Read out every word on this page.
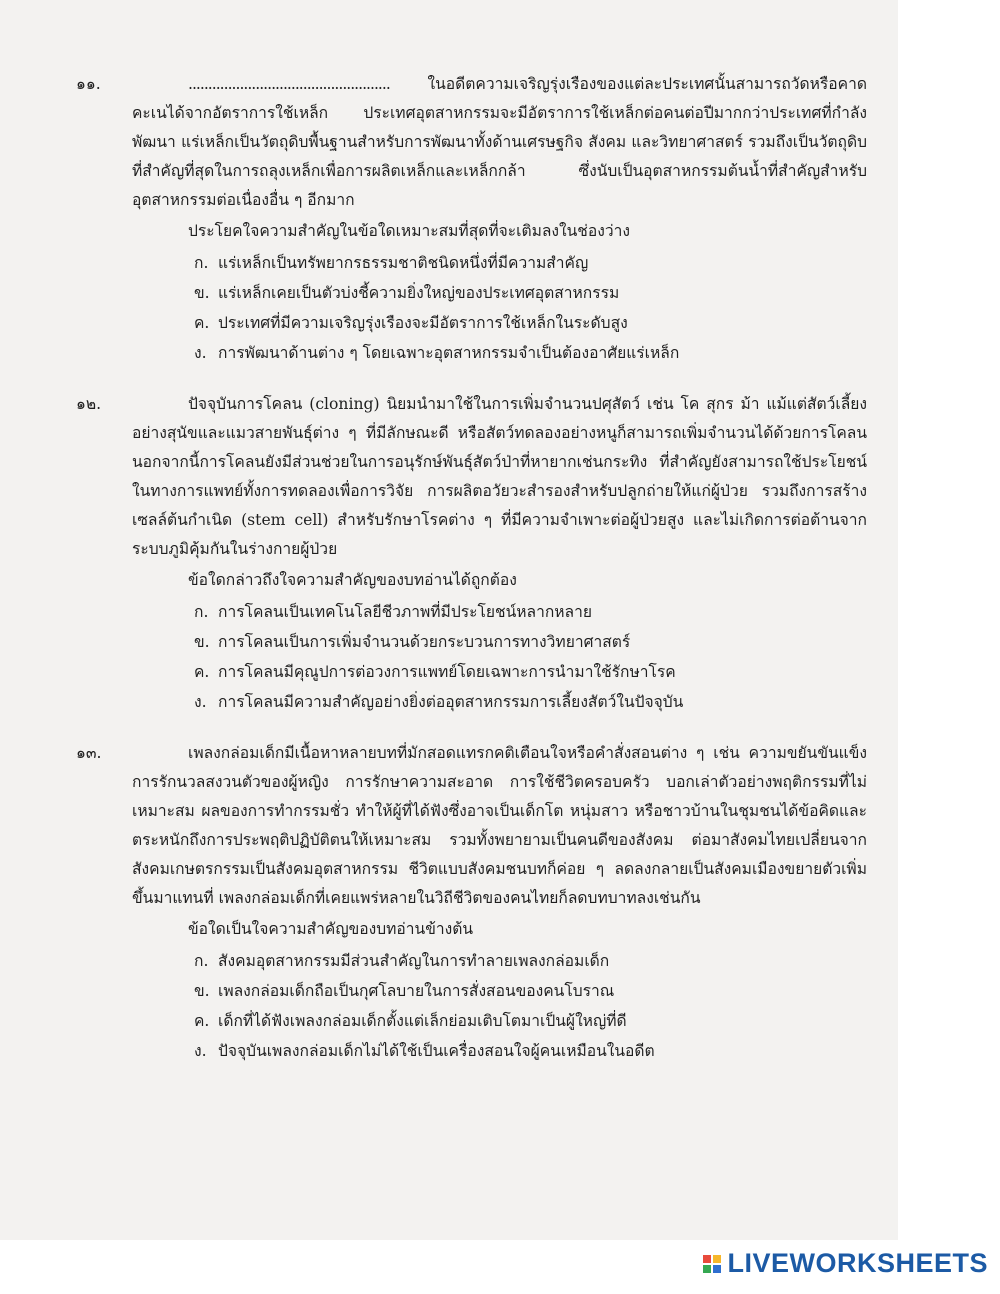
๑๑.	................................................... ในอดีตความเจริญรุ่งเรืองของแต่ละประเทศนั้นสามารถวัดหรือคาดคะเนได้จากอัตราการใช้เหล็ก ประเทศอุตสาหกรรมจะมีอัตราการใช้เหล็กต่อคนต่อปีมากกว่าประเทศที่กำลังพัฒนา แร่เหล็กเป็นวัตถุดิบพื้นฐานสำหรับการพัฒนาทั้งด้านเศรษฐกิจ สังคม และวิทยาศาสตร์ รวมถึงเป็นวัตถุดิบที่สำคัญที่สุดในการถลุงเหล็กเพื่อการผลิตเหล็กและเหล็กกล้า ซึ่งนับเป็นอุตสาหกรรมต้นน้ำที่สำคัญสำหรับอุตสาหกรรมต่อเนื่องอื่น ๆ อีกมาก

ประโยคใจความสำคัญในข้อใดเหมาะสมที่สุดที่จะเติมลงในช่องว่าง
ก. แร่เหล็กเป็นทรัพยากรธรรมชาติชนิดหนึ่งที่มีความสำคัญ
ข. แร่เหล็กเคยเป็นตัวบ่งชี้ความยิ่งใหญ่ของประเทศอุตสาหกรรม
ค. ประเทศที่มีความเจริญรุ่งเรืองจะมีอัตราการใช้เหล็กในระดับสูง
ง. การพัฒนาด้านต่าง ๆ โดยเฉพาะอุตสาหกรรมจำเป็นต้องอาศัยแร่เหล็ก

๑๒.	ปัจจุบันการโคลน (cloning) นิยมนำมาใช้ในการเพิ่มจำนวนปศุสัตว์ เช่น โค สุกร ม้า แม้แต่สัตว์เลี้ยงอย่างสุนัขและแมวสายพันธุ์ต่าง ๆ ที่มีลักษณะดี หรือสัตว์ทดลองอย่างหนูก็สามารถเพิ่มจำนวนได้ด้วยการโคลน นอกจากนี้การโคลนยังมีส่วนช่วยในการอนุรักษ์พันธุ์สัตว์ป่าที่หายากเช่นกระทิง ที่สำคัญยังสามารถใช้ประโยชน์ในทางการแพทย์ทั้งการทดลองเพื่อการวิจัย การผลิตอวัยวะสำรองสำหรับปลูกถ่ายให้แก่ผู้ป่วย รวมถึงการสร้างเซลล์ต้นกำเนิด (stem cell) สำหรับรักษาโรคต่าง ๆ ที่มีความจำเพาะต่อผู้ป่วยสูง และไม่เกิดการต่อต้านจากระบบภูมิคุ้มกันในร่างกายผู้ป่วย

ข้อใดกล่าวถึงใจความสำคัญของบทอ่านได้ถูกต้อง
ก. การโคลนเป็นเทคโนโลยีชีวภาพที่มีประโยชน์หลากหลาย
ข. การโคลนเป็นการเพิ่มจำนวนด้วยกระบวนการทางวิทยาศาสตร์
ค. การโคลนมีคุณูปการต่อวงการแพทย์โดยเฉพาะการนำมาใช้รักษาโรค
ง. การโคลนมีความสำคัญอย่างยิ่งต่ออุตสาหกรรมการเลี้ยงสัตว์ในปัจจุบัน

๑๓.	เพลงกล่อมเด็กมีเนื้อหาหลายบทที่มักสอดแทรกคติเตือนใจหรือคำสั่งสอนต่าง ๆ เช่น ความขยันขันแข็ง การรักนวลสงวนตัวของผู้หญิง การรักษาความสะอาด การใช้ชีวิตครอบครัว บอกเล่าตัวอย่างพฤติกรรมที่ไม่เหมาะสม ผลของการทำกรรมชั่ว ทำให้ผู้ที่ได้ฟังซึ่งอาจเป็นเด็กโต หนุ่มสาว หรือชาวบ้านในชุมชนได้ข้อคิดและตระหนักถึงการประพฤติปฏิบัติตนให้เหมาะสม รวมทั้งพยายามเป็นคนดีของสังคม ต่อมาสังคมไทยเปลี่ยนจากสังคมเกษตรกรรมเป็นสังคมอุตสาหกรรม ชีวิตแบบสังคมชนบทก็ค่อย ๆ ลดลงกลายเป็นสังคมเมืองขยายตัวเพิ่มขึ้นมาแทนที่ เพลงกล่อมเด็กที่เคยแพร่หลายในวิถีชีวิตของคนไทยก็ลดบทบาทลงเช่นกัน

ข้อใดเป็นใจความสำคัญของบทอ่านข้างต้น
ก. สังคมอุตสาหกรรมมีส่วนสำคัญในการทำลายเพลงกล่อมเด็ก
ข. เพลงกล่อมเด็กถือเป็นกุศโลบายในการสั่งสอนของคนโบราณ
ค. เด็กที่ได้ฟังเพลงกล่อมเด็กตั้งแต่เล็กย่อมเติบโตมาเป็นผู้ใหญ่ที่ดี
ง. ปัจจุบันเพลงกล่อมเด็กไม่ได้ใช้เป็นเครื่องสอนใจผู้คนเหมือนในอดีต
LIVEWORKSHEETS
